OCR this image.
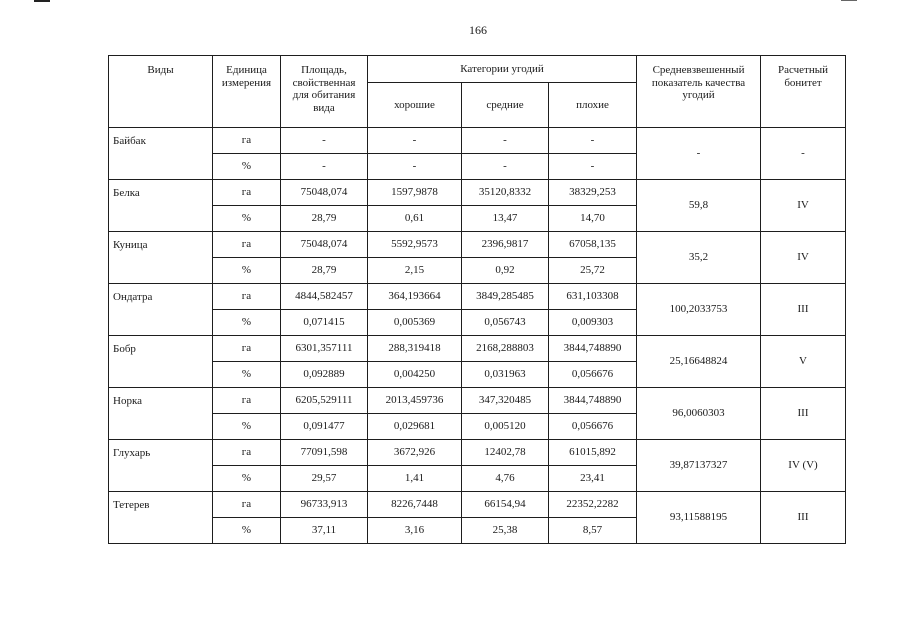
166
Виды	Единица измерения	Площадь, свойственная для обитания вида	Категории угодий			Средневзвешенный показатель качества угодий	Расчетный бонитет
			хорошие	средние	плохие		
Байбак	га	-	-	-	-	-	-
	%	-	-	-	-		
Белка	га	75048,074	1597,9878	35120,8332	38329,253	59,8	IV
	%	28,79	0,61	13,47	14,70		
Куница	га	75048,074	5592,9573	2396,9817	67058,135	35,2	IV
	%	28,79	2,15	0,92	25,72		
Ондатра	га	4844,582457	364,193664	3849,285485	631,103308	100,2033753	III
	%	0,071415	0,005369	0,056743	0,009303		
Бобр	га	6301,357111	288,319418	2168,288803	3844,748890	25,16648824	V
	%	0,092889	0,004250	0,031963	0,056676		
Норка	га	6205,529111	2013,459736	347,320485	3844,748890	96,0060303	III
	%	0,091477	0,029681	0,005120	0,056676		
Глухарь	га	77091,598	3672,926	12402,78	61015,892	39,87137327	IV (V)
	%	29,57	1,41	4,76	23,41		
Тетерев	га	96733,913	8226,7448	66154,94	22352,2282	93,11588195	III
	%	37,11	3,16	25,38	8,57		
